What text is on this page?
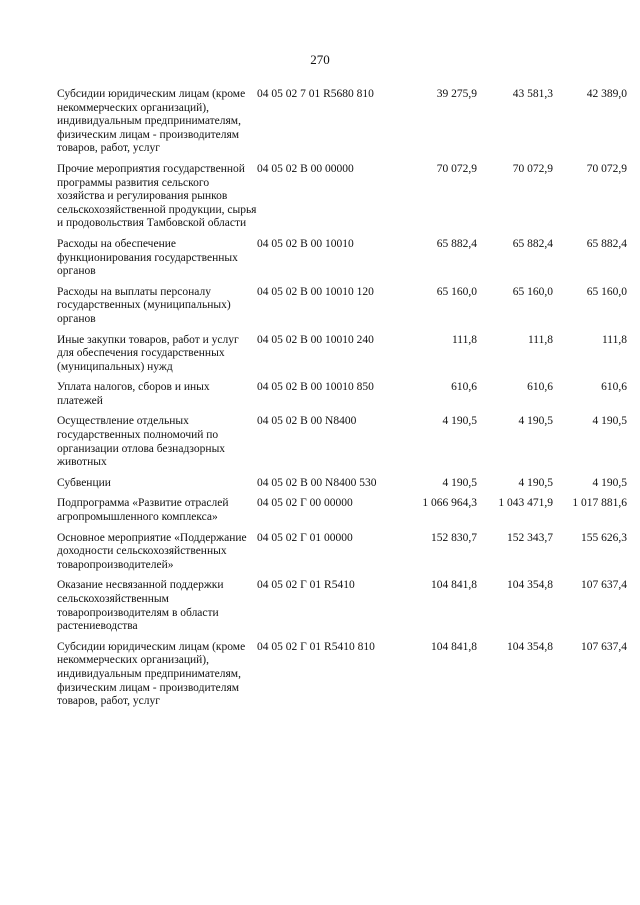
270
Субсидии юридическим лицам (кроме некоммерческих организаций), индивидуальным предпринимателям, физическим лицам - производителям товаров, работ, услуг	04 05 02 7 01 R5680 810	39 275,9	43 581,3	42 389,0
Прочие мероприятия государственной программы развития сельского хозяйства и регулирования рынков сельскохозяйственной продукции, сырья и продовольствия Тамбовской области	04 05 02 В 00 00000	70 072,9	70 072,9	70 072,9
Расходы на обеспечение функционирования государственных органов	04 05 02 В 00 10010	65 882,4	65 882,4	65 882,4
Расходы на выплаты персоналу государственных (муниципальных) органов	04 05 02 В 00 10010 120	65 160,0	65 160,0	65 160,0
Иные закупки товаров, работ и услуг для обеспечения государственных (муниципальных) нужд	04 05 02 В 00 10010 240	111,8	111,8	111,8
Уплата налогов, сборов и иных платежей	04 05 02 В 00 10010 850	610,6	610,6	610,6
Осуществление отдельных государственных полномочий по организации отлова безнадзорных животных	04 05 02 В 00 N8400	4 190,5	4 190,5	4 190,5
Субвенции	04 05 02 В 00 N8400 530	4 190,5	4 190,5	4 190,5
Подпрограмма «Развитие отраслей агропромышленного комплекса»	04 05 02 Г 00 00000	1 066 964,3	1 043 471,9	1 017 881,6
Основное мероприятие «Поддержание доходности сельскохозяйственных товаропроизводителей»	04 05 02 Г 01 00000	152 830,7	152 343,7	155 626,3
Оказание несвязанной поддержки сельскохозяйственным товаропроизводителям в области растениеводства	04 05 02 Г 01 R5410	104 841,8	104 354,8	107 637,4
Субсидии юридическим лицам (кроме некоммерческих организаций), индивидуальным предпринимателям, физическим лицам - производителям товаров, работ, услуг	04 05 02 Г 01 R5410 810	104 841,8	104 354,8	107 637,4
